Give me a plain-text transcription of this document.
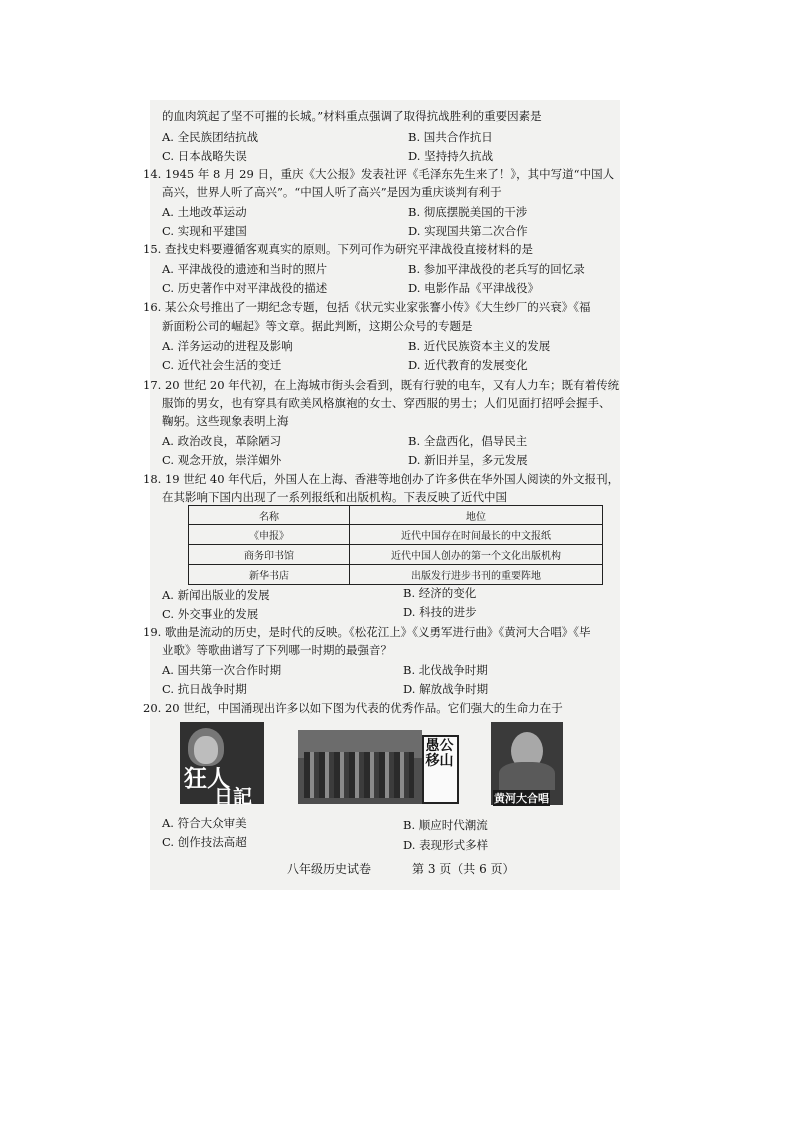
的血肉筑起了坚不可摧的长城。”材料重点强调了取得抗战胜利的重要因素是
A. 全民族团结抗战	B. 国共合作抗日
C. 日本战略失误	D. 坚持持久抗战
14. 1945 年 8 月 29 日，重庆《大公报》发表社评《毛泽东先生来了！》，其中写道“中国人
高兴，世界人听了高兴”。“中国人听了高兴”是因为重庆谈判有利于
A. 土地改革运动	B. 彻底摆脱美国的干涉
C. 实现和平建国	D. 实现国共第二次合作
15. 查找史料要遵循客观真实的原则。下列可作为研究平津战役直接材料的是
A. 平津战役的遗迹和当时的照片	B. 参加平津战役的老兵写的回忆录
C. 历史著作中对平津战役的描述	D. 电影作品《平津战役》
16. 某公众号推出了一期纪念专题，包括《状元实业家张謇小传》《大生纱厂的兴衰》《福
新面粉公司的崛起》等文章。据此判断，这期公众号的专题是
A. 洋务运动的进程及影响	B. 近代民族资本主义的发展
C. 近代社会生活的变迁	D. 近代教育的发展变化
17. 20 世纪 20 年代初，在上海城市街头会看到，既有行驶的电车，又有人力车；既有着传统
服饰的男女，也有穿具有欧美风格旗袍的女士、穿西服的男士；人们见面打招呼会握手、
鞠躬。这些现象表明上海
A. 政治改良，革除陋习	B. 全盘西化，倡导民主
C. 观念开放，崇洋媚外	D. 新旧并呈，多元发展
18. 19 世纪 40 年代后，外国人在上海、香港等地创办了许多供在华外国人阅读的外文报刊，
在其影响下国内出现了一系列报纸和出版机构。下表反映了近代中国
名称	地位
《申报》	近代中国存在时间最长的中文报纸
商务印书馆	近代中国人创办的第一个文化出版机构
新华书店	出版发行进步书刊的重要阵地
A. 新闻出版业的发展	B. 经济的变化
C. 外交事业的发展	D. 科技的进步
19. 歌曲是流动的历史，是时代的反映。《松花江上》《义勇军进行曲》《黄河大合唱》《毕
业歌》等歌曲谱写了下列哪一时期的最强音？
A. 国共第一次合作时期	B. 北伐战争时期
C. 抗日战争时期	D. 解放战争时期
20. 20 世纪，中国涌现出许多以如下图为代表的优秀作品。它们强大的生命力在于
狂人
日記
愚公移山
黄河大合唱
A. 符合大众审美	B. 顺应时代潮流
C. 创作技法高超	D. 表现形式多样
八年级历史试卷	第 3 页（共 6 页）
